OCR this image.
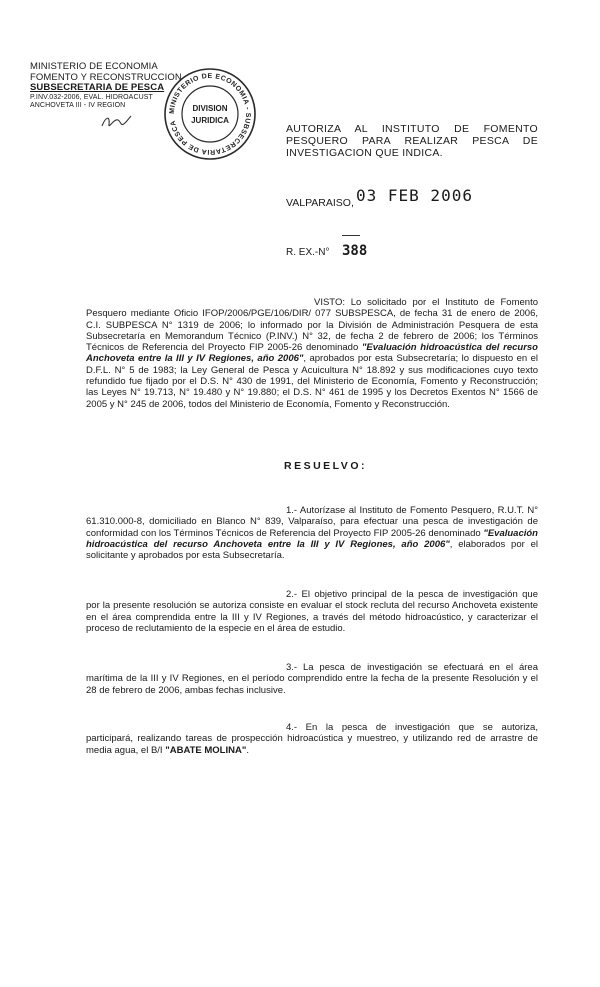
MINISTERIO DE ECONOMIA
FOMENTO Y RECONSTRUCCION
SUBSECRETARIA DE PESCA
P.INV.032-2006, EVAL. HIDROACUST
ANCHOVETA III - IV REGION
MINISTERIO DE ECONOMIA - SUBSECRETARIA DE PESCA
DIVISION
JURIDICA
AUTORIZA AL INSTITUTO DE FOMENTO PESQUERO PARA REALIZAR PESCA DE INVESTIGACION QUE INDICA.
VALPARAISO, 03 FEB 2006
R. EX.-N° 388
VISTO: Lo solicitado por el Instituto de Fomento Pesquero mediante Oficio IFOP/2006/PGE/106/DIR/ 077 SUBSPESCA, de fecha 31 de enero de 2006, C.I. SUBPESCA N° 1319 de 2006; lo informado por la División de Administración Pesquera de esta Subsecretaría en Memorandum Técnico (P.INV.) N° 32, de fecha 2 de febrero de 2006; los Términos Técnicos de Referencia del Proyecto FIP 2005-26 denominado "Evaluación hidroacústica del recurso Anchoveta entre la III y IV Regiones, año 2006", aprobados por esta Subsecretaría; lo dispuesto en el D.F.L. N° 5 de 1983; la Ley General de Pesca y Acuicultura N° 18.892 y sus modificaciones cuyo texto refundido fue fijado por el D.S. N° 430 de 1991, del Ministerio de Economía, Fomento y Reconstrucción; las Leyes N° 19.713, N° 19.480 y N° 19.880; el D.S. N° 461 de 1995 y los Decretos Exentos N° 1566 de 2005 y N° 245 de 2006, todos del Ministerio de Economía, Fomento y Reconstrucción.
RESUELVO:
1.- Autorízase al Instituto de Fomento Pesquero, R.U.T. N° 61.310.000-8, domiciliado en Blanco N° 839, Valparaíso, para efectuar una pesca de investigación de conformidad con los Términos Técnicos de Referencia del Proyecto FIP 2005-26 denominado "Evaluación hidroacústica del recurso Anchoveta entre la III y IV Regiones, año 2006", elaborados por el solicitante y aprobados por esta Subsecretaría.
2.- El objetivo principal de la pesca de investigación que por la presente resolución se autoriza consiste en evaluar el stock recluta del recurso Anchoveta existente en el área comprendida entre la III y IV Regiones, a través del método hidroacústico, y caracterizar el proceso de reclutamiento de la especie en el área de estudio.
3.- La pesca de investigación se efectuará en el área marítima de la III y IV Regiones, en el período comprendido entre la fecha de la presente Resolución y el 28 de febrero de 2006, ambas fechas inclusive.
4.- En la pesca de investigación que se autoriza, participará, realizando tareas de prospección hidroacústica y muestreo, y utilizando red de arrastre de media agua, el B/I "ABATE MOLINA".
